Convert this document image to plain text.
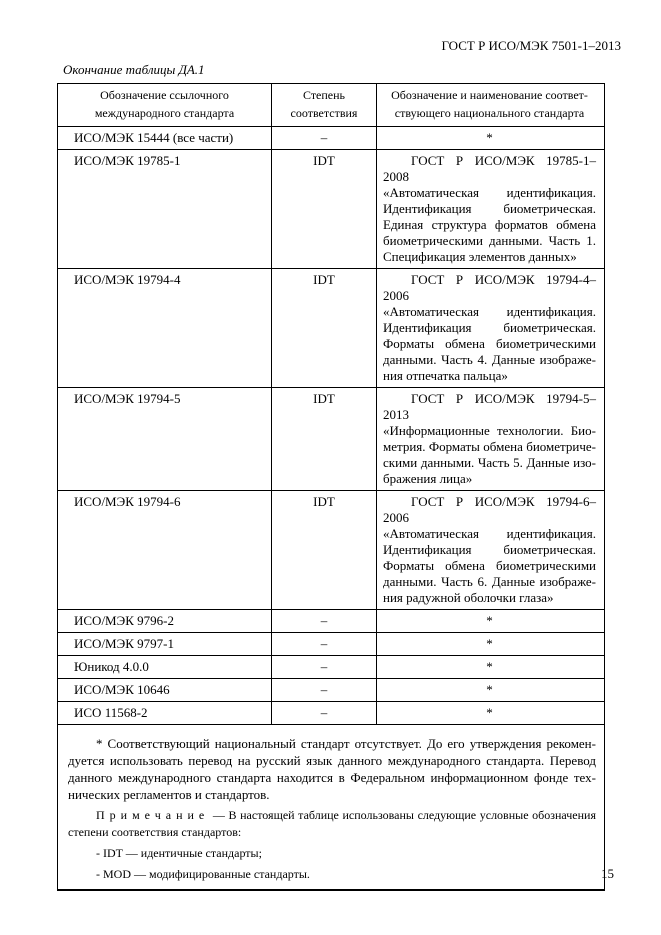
ГОСТ Р ИСО/МЭК 7501-1–2013
Окончание таблицы ДА.1
Обозначение ссылочного международного стандарта	Степень соответствия	Обозначение и наименование соответствующего национального стандарта
ИСО/МЭК 15444 (все части)	–	*

ИСО/МЭК 19785-1	IDT	ГОСТ Р ИСО/МЭК 19785-1–2008
«Автоматическая идентификация. Идентификация биометрическая. Единая структура форматов обмена биометрическими данными. Часть 1. Спецификация элементов данных»

ИСО/МЭК 19794-4	IDT	ГОСТ Р ИСО/МЭК 19794-4–2006
«Автоматическая идентификация. Идентификация биометрическая. Форматы обмена биометрическими данными. Часть 4. Данные изображения отпечатка пальца»

ИСО/МЭК 19794-5	IDT	ГОСТ Р ИСО/МЭК 19794-5–2013
«Информационные технологии. Биометрия. Форматы обмена биометрическими данными. Часть 5. Данные изображения лица»

ИСО/МЭК 19794-6	IDT	ГОСТ Р ИСО/МЭК 19794-6–2006
«Автоматическая идентификация. Идентификация биометрическая. Форматы обмена биометрическими данными. Часть 6. Данные изображения радужной оболочки глаза»

ИСО/МЭК 9796-2	–	*

ИСО/МЭК 9797-1	–	*

Юникод 4.0.0	–	*

ИСО/МЭК 10646	–	*

ИСО 11568-2	–	*

* Соответствующий национальный стандарт отсутствует. До его утверждения рекомендуется использовать перевод на русский язык данного международного стандарта. Перевод данного международного стандарта находится в Федеральном информационном фонде технических регламентов и стандартов.

Примечание — В настоящей таблице использованы следующие условные обозначения степени соответствия стандартов:

- IDT — идентичные стандарты;

- MOD — модифицированные стандарты.			15
